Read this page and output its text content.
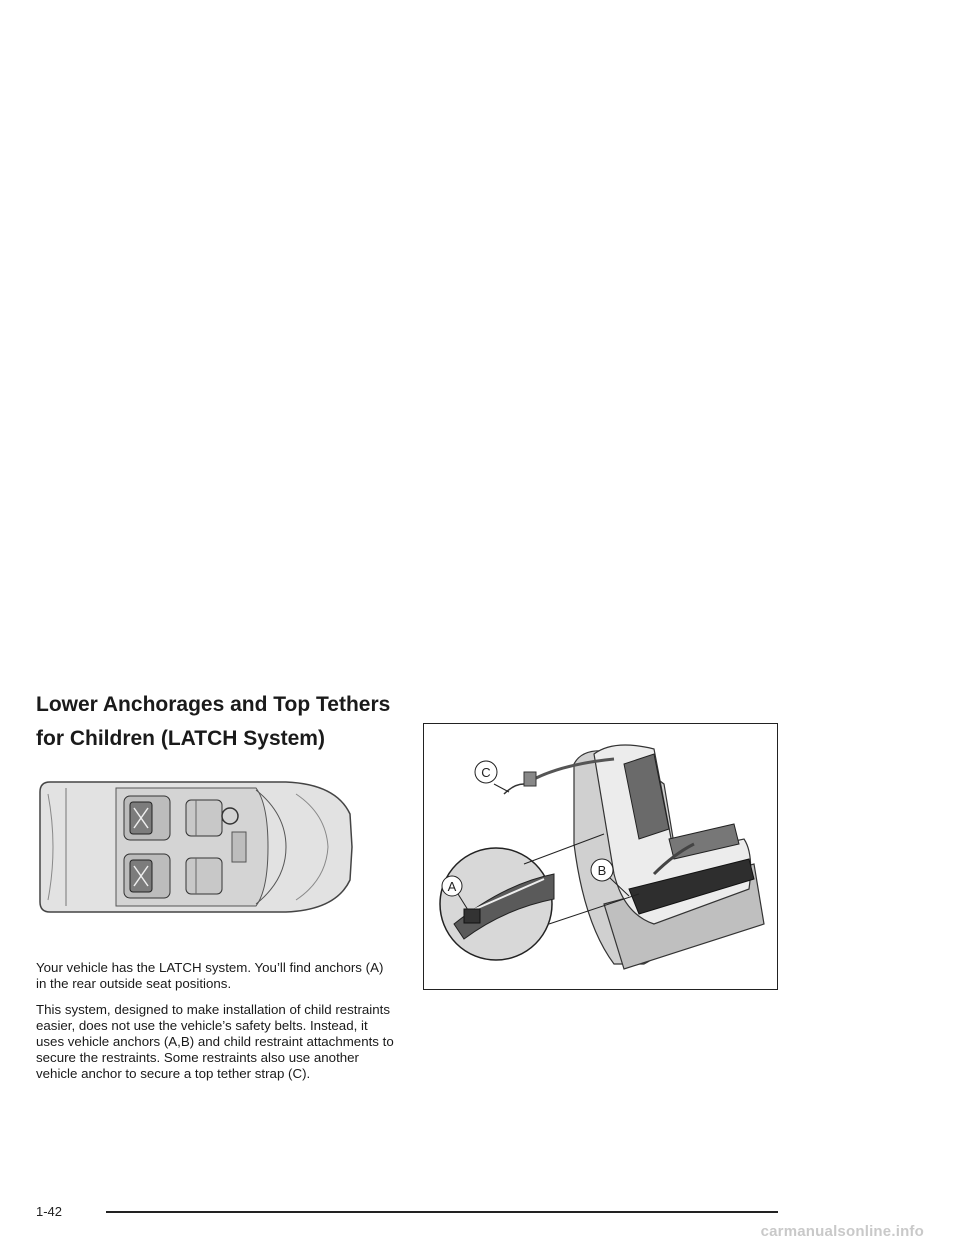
Lower Anchorages and Top Tethers
for Children (LATCH System)

Your vehicle has the LATCH system. You’ll find anchors (A) in the rear outside seat positions.

This system, designed to make installation of child restraints easier, does not use the vehicle’s safety belts. Instead, it uses vehicle anchors (A,B) and child restraint attachments to secure the restraints. Some restraints also use another vehicle anchor to secure a top tether strap (C).

C
A
B
1-42
carmanualsonline.info
